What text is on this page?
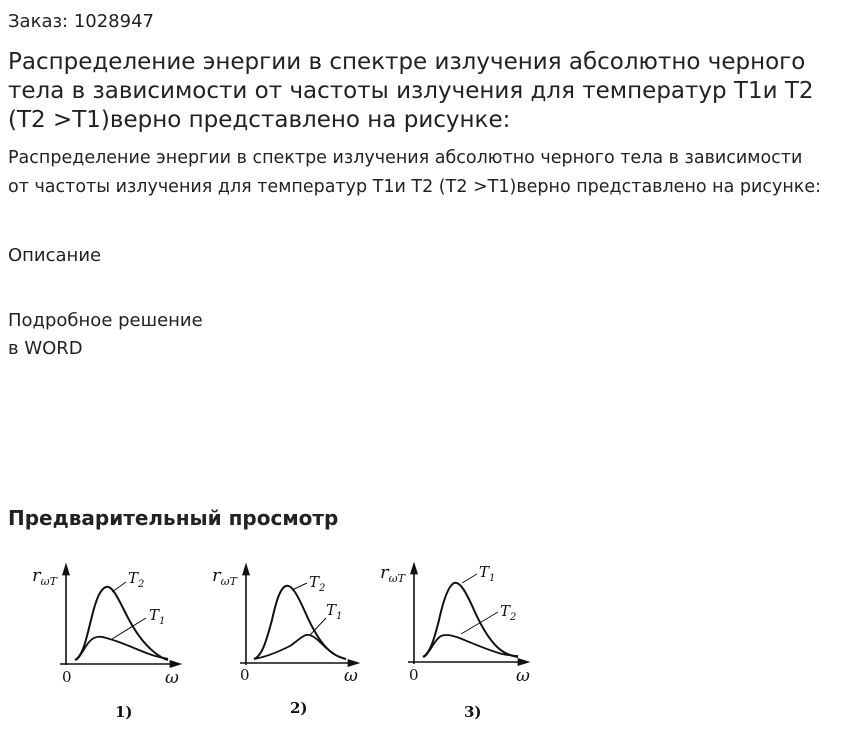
Заказ: 1028947

Распределение энергии в спектре излучения абсолютно черного тела в зависимости от частоты излучения для температур Т1и Т2 (Т2 >Т1)верно представлено на рисунке:

Распределение энергии в спектре излучения абсолютно черного тела в зависимости от частоты излучения для температур Т1и Т2 (Т2 >Т1)верно представлено на рисунке:

Описание

Подробное решение
в WORD

Предварительный просмотр
$r_{\omega T}$	$T_2$
$T_1$
0	ω
1)
$r_{\omega T}$	$T_2$
$T_1$
0	ω
2)
$r_{\omega T}$	$T_1$
$T_2$
0	ω
3)
